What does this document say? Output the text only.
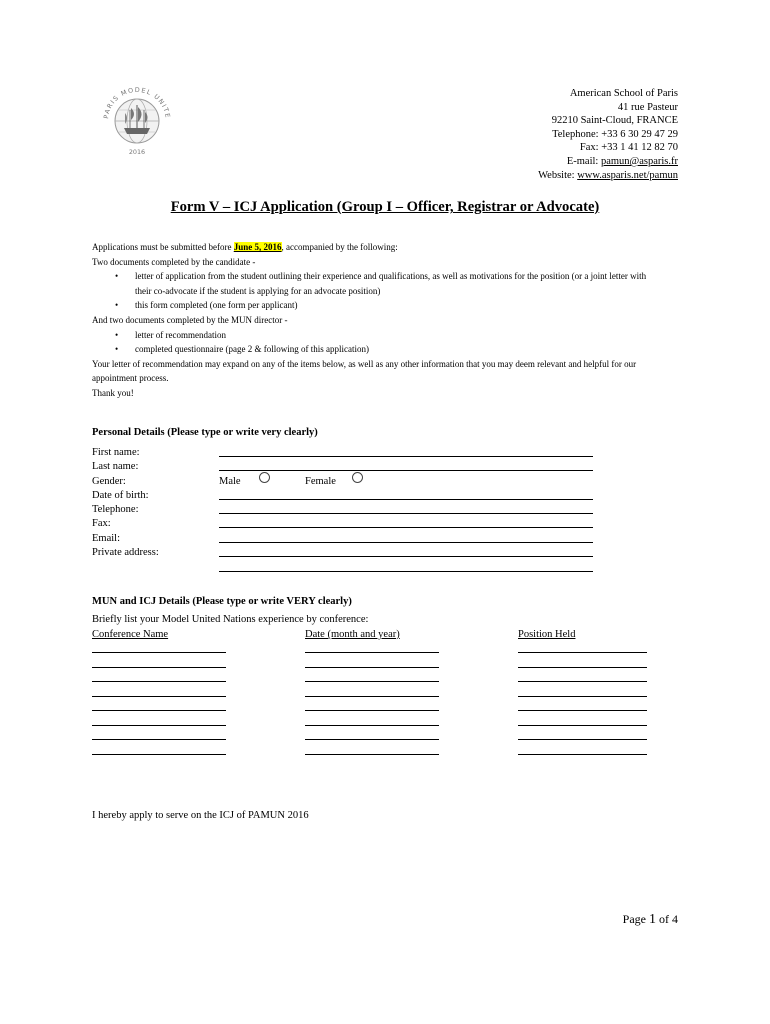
PARIS MODEL UNITE
2016
American School of Paris
41 rue Pasteur
92210 Saint-Cloud, FRANCE
Telephone: +33 6 30 29 47 29
Fax: +33 1 41 12 82 70
E-mail: pamun@asparis.fr
Website: www.asparis.net/pamun
Form V – ICJ Application (Group I – Officer, Registrar or Advocate)
Applications must be submitted before June 5, 2016, accompanied by the following:
Two documents completed by the candidate -
• letter of application from the student outlining their experience and qualifications, as well as motivations for the position (or a joint letter with
their co-advocate if the student is applying for an advocate position)
• this form completed (one form per applicant)
And two documents completed by the MUN director -
• letter of recommendation
• completed questionnaire (page 2 & following of this application)
Your letter of recommendation may expand on any of the items below, as well as any other information that you may deem relevant and helpful for our
appointment process.
Thank you!
Personal Details (Please type or write very clearly)
First name:
Last name:
Gender:	Male	Female
Date of birth:
Telephone:
Fax:
Email:
Private address:
MUN and ICJ Details (Please type or write VERY clearly)
Briefly list your Model United Nations experience by conference:
Conference Name	Date (month and year)	Position Held
I hereby apply to serve on the ICJ of PAMUN 2016
Page 1 of 4
